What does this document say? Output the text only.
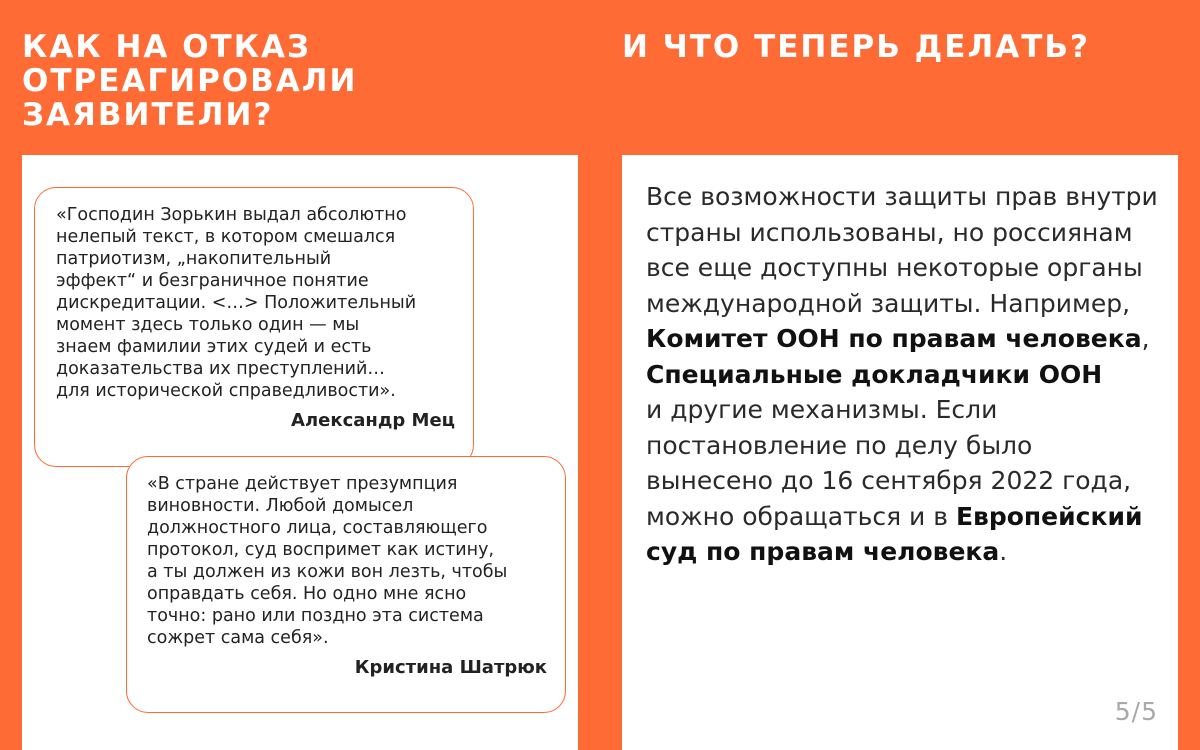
КАК НА ОТКАЗ
ОТРЕАГИРОВАЛИ
ЗАЯВИТЕЛИ?
И ЧТО ТЕПЕРЬ ДЕЛАТЬ?
«Господин Зорькин выдал абсолютно
нелепый текст, в котором смешался
патриотизм, „накопительный
эффект“ и безграничное понятие
дискредитации. <…> Положительный
момент здесь только один — мы
знаем фамилии этих судей и есть
доказательства их преступлений…
для исторической справедливости».
Александр Мец
«В стране действует презумпция
виновности. Любой домысел
должностного лица, составляющего
протокол, суд воспримет как истину,
а ты должен из кожи вон лезть, чтобы
оправдать себя. Но одно мне ясно
точно: рано или поздно эта система
сожрет сама себя».
Кристина Шатрюк
Все возможности защиты прав внутри
страны использованы, но россиянам
все еще доступны некоторые органы
международной защиты. Например,
Комитет ООН по правам человека,
Специальные докладчики ООН
и другие механизмы. Если
постановление по делу было
вынесено до 16 сентября 2022 года,
можно обращаться и в Европейский
суд по правам человека.
5/5
